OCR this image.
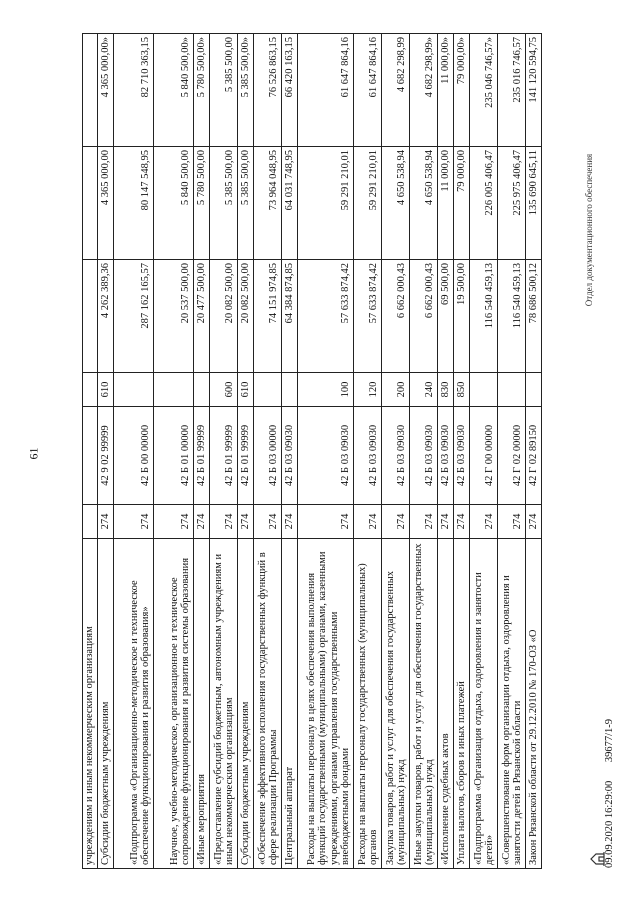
61
учреждениям и иным некоммерческим организациям						
Субсидии бюджетным учреждениям	274	42 9 02 99999	610	4 262 389,36	4 365 000,00	4 365 000,00»
«Подпрограмма «Организационно-методическое и техническое обеспечение функционирования и развития образования»	274	42 Б 00 00000		287 162 165,57	80 147 548,95	82 710 363,15
Научное, учебно-методическое, организационное и техническое сопровождение функционирования и развития системы образования	274	42 Б 01 00000		20 537 500,00	5 840 500,00	5 840 500,00»
«Иные мероприятия	274	42 Б 01 99999		20 477 500,00	5 780 500,00	5 780 500,00»
«Предоставление субсидий бюджетным, автономным учреждениям и иным некоммерческим организациям	274	42 Б 01 99999	600	20 082 500,00	5 385 500,00	5 385 500,00
Субсидии бюджетным учреждениям	274	42 Б 01 99999	610	20 082 500,00	5 385 500,00	5 385 500,00»
«Обеспечение эффективного исполнения государственных функций в сфере реализации Программы	274	42 Б 03 00000		74 151 974,85	73 964 048,95	76 526 863,15
Центральный аппарат	274	42 Б 03 09030		64 384 874,85	64 031 748,95	66 420 163,15
Расходы на выплаты персоналу в целях обеспечения выполнения функций государственными (муниципальными) органами, казенными учреждениями, органами управления государственными внебюджетными фондами	274	42 Б 03 09030	100	57 633 874,42	59 291 210,01	61 647 864,16
Расходы на выплаты персоналу государственных (муниципальных) органов	274	42 Б 03 09030	120	57 633 874,42	59 291 210,01	61 647 864,16
Закупка товаров, работ и услуг для обеспечения государственных (муниципальных) нужд	274	42 Б 03 09030	200	6 662 000,43	4 650 538,94	4 682 298,99
Иные закупки товаров, работ и услуг для обеспечения государственных (муниципальных) нужд	274	42 Б 03 09030	240	6 662 000,43	4 650 538,94	4 682 298,99»
«Исполнение судебных актов	274	42 Б 03 09030	830	69 500,00	11 000,00	11 000,00»
Уплата налогов, сборов и иных платежей	274	42 Б 03 09030	850	19 500,00	79 000,00	79 000,00»
«Подпрограмма «Организация отдыха, оздоровления и занятости детей»	274	42 Г 00 00000		116 540 459,13	226 005 406,47	235 046 746,57»
«Совершенствование форм организации отдыха, оздоровления и занятости детей в Рязанской области	274	42 Г 02 00000		116 540 459,13	225 975 406,47	235 016 746,57
Закон Рязанской области от 29.12.2010 № 170-ОЗ «О	274	42 Г 02 89150		78 686 500,12	135 690 645,11	141 120 594,75
09.09.2020 16:29:00 39677/1-9
Отдел документационного обеспечения
